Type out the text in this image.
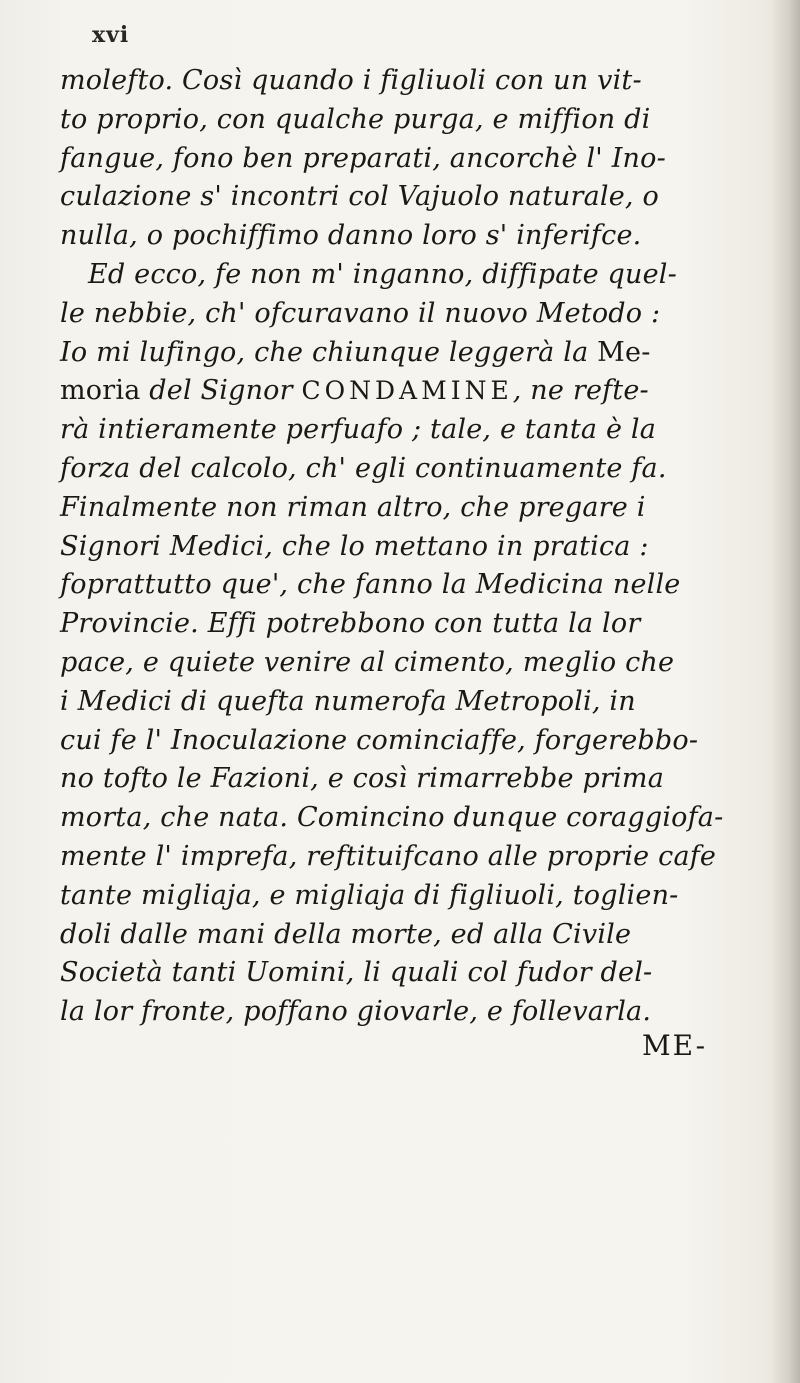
xvi
molefto. Così quando i figliuoli con un vit-
to proprio, con qualche purga, e miffion di
fangue, fono ben preparati, ancorchè l' Ino-
culazione s' incontri col Vajuolo naturale, o
nulla, o pochiffimo danno loro s' inferifce.
Ed ecco, fe non m' inganno, diffipate quel-
le nebbie, ch' ofcuravano il nuovo Metodo :
Io mi lufingo, che chiunque leggerà la Me-
moria del Signor CONDAMINE, ne refte-
rà intieramente perfuafo ; tale, e tanta è la
forza del calcolo, ch' egli continuamente fa.
Finalmente non riman altro, che pregare i
Signori Medici, che lo mettano in pratica :
foprattutto que', che fanno la Medicina nelle
Provincie. Effi potrebbono con tutta la lor
pace, e quiete venire al cimento, meglio che
i Medici di quefta numerofa Metropoli, in
cui fe l' Inoculazione cominciaffe, forgerebbo-
no tofto le Fazioni, e così rimarrebbe prima
morta, che nata. Comincino dunque coraggiofa-
mente l' imprefa, reftituifcano alle proprie cafe
tante migliaja, e migliaja di figliuoli, toglien-
doli dalle mani della morte, ed alla Civile
Società tanti Uomini, li quali col fudor del-
la lor fronte, poffano giovarle, e follevarla.
ME-
